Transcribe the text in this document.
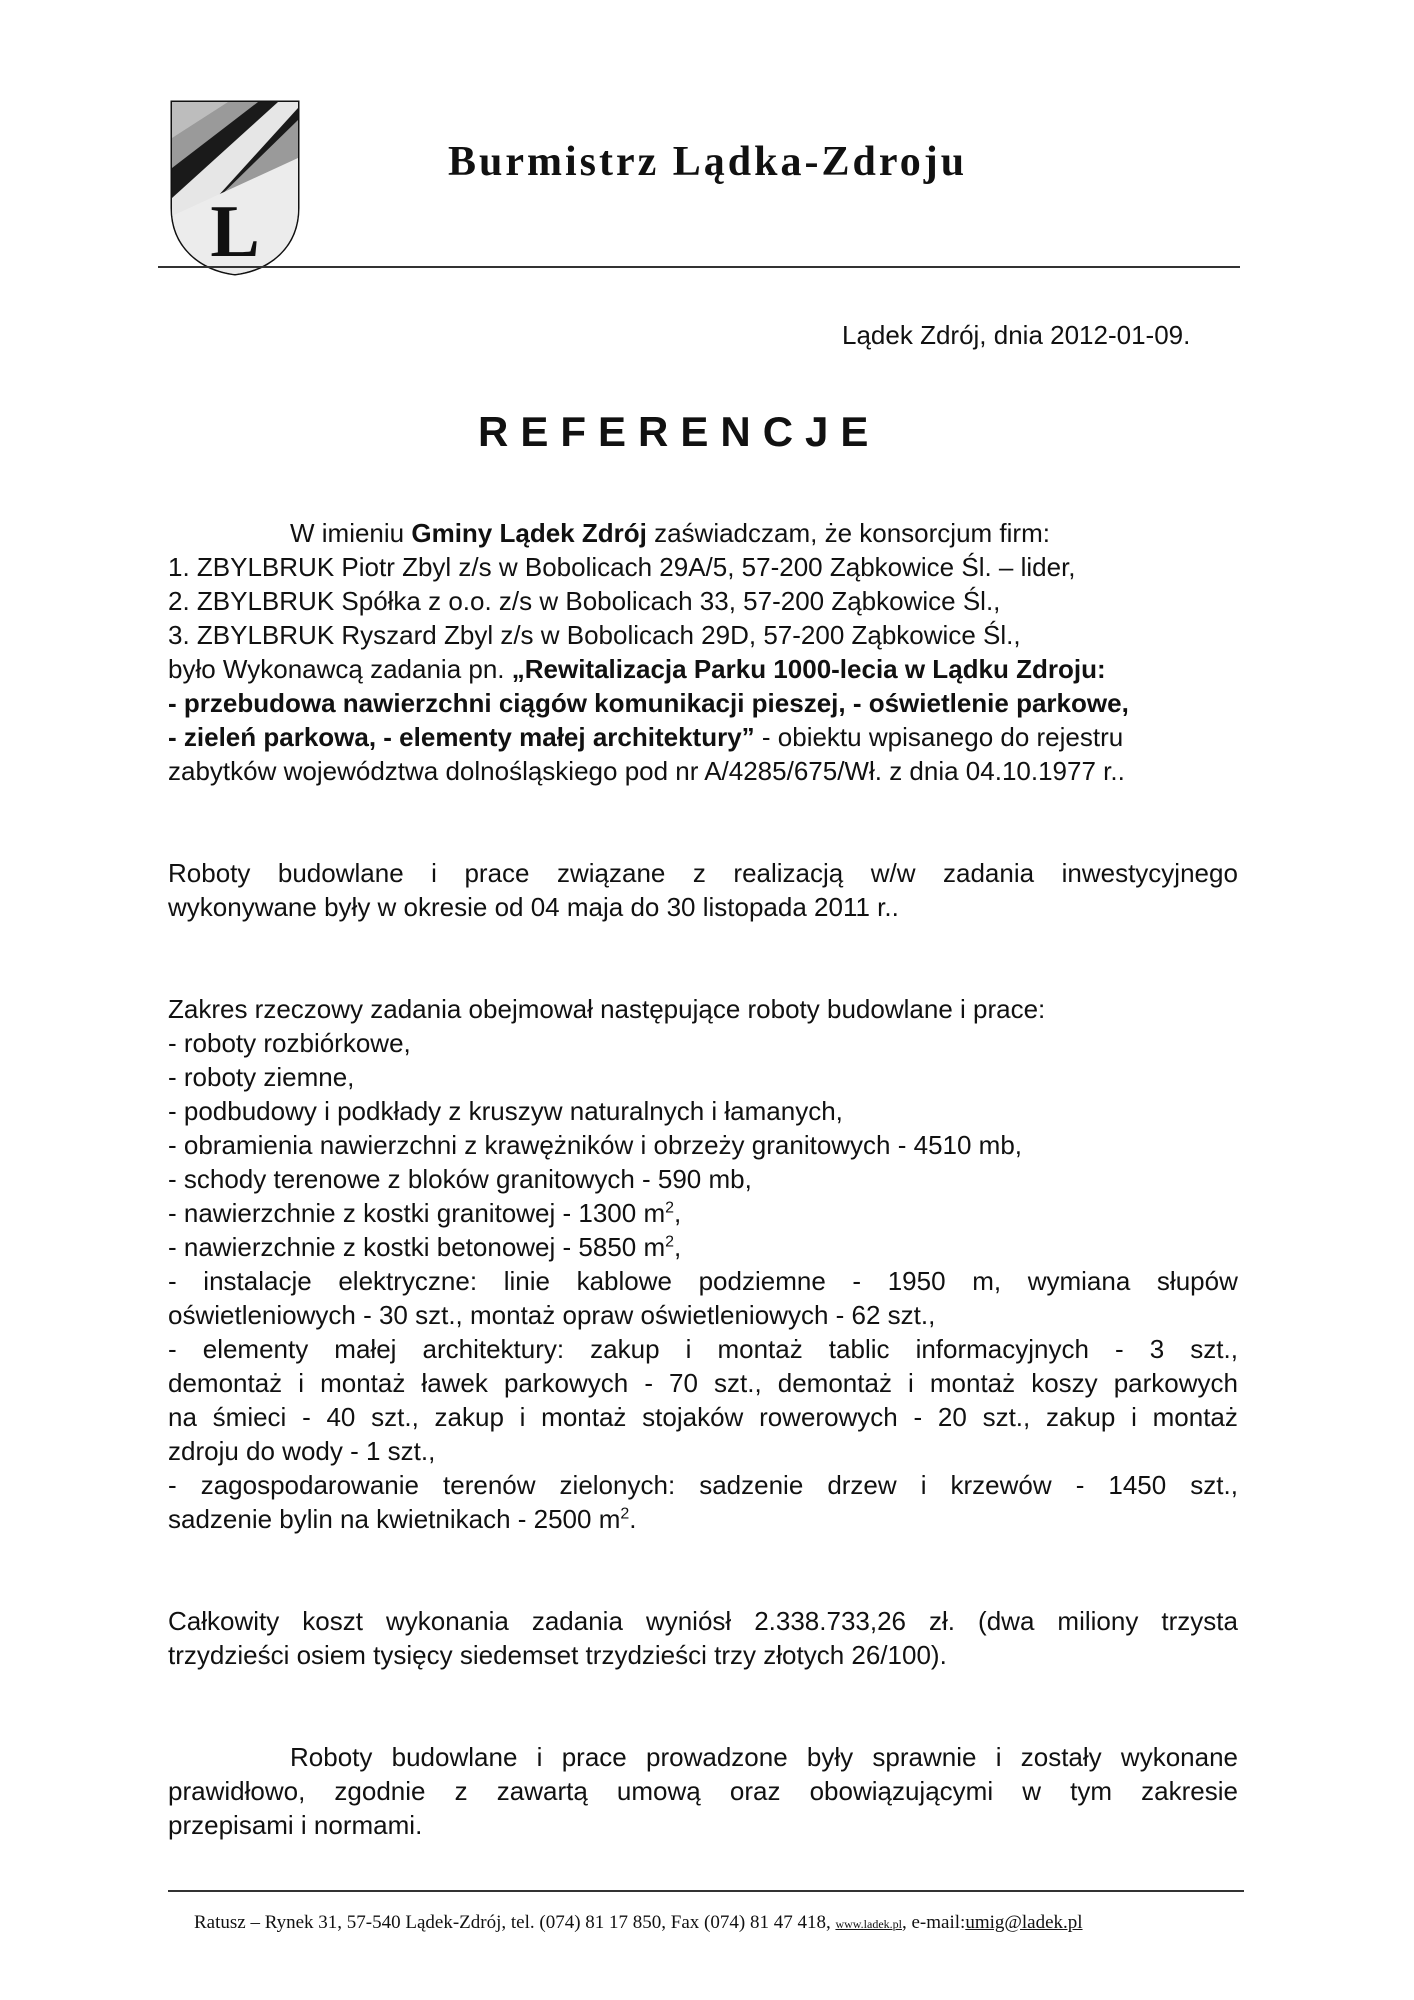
L
Burmistrz Lądka-Zdroju
Lądek Zdrój, dnia 2012-01-09.
REFERENCJE
W imieniu Gminy Lądek Zdrój zaświadczam, że konsorcjum firm:
1. ZBYLBRUK Piotr Zbyl z/s w Bobolicach 29A/5, 57-200 Ząbkowice Śl. – lider,
2. ZBYLBRUK Spółka z o.o. z/s w Bobolicach 33, 57-200 Ząbkowice Śl.,
3. ZBYLBRUK Ryszard Zbyl z/s w Bobolicach 29D, 57-200 Ząbkowice Śl.,
było Wykonawcą zadania pn. „Rewitalizacja Parku 1000-lecia w Lądku Zdroju:
- przebudowa nawierzchni ciągów komunikacji pieszej, - oświetlenie parkowe,
- zieleń parkowa, - elementy małej architektury” - obiektu wpisanego do rejestru
zabytków województwa dolnośląskiego pod nr A/4285/675/Wł. z dnia 04.10.1977 r..
Roboty budowlane i prace związane z realizacją w/w zadania inwestycyjnego
wykonywane były w okresie od 04 maja do 30 listopada 2011 r..
Zakres rzeczowy zadania obejmował następujące roboty budowlane i prace:
- roboty rozbiórkowe,
- roboty ziemne,
- podbudowy i podkłady z kruszyw naturalnych i łamanych,
- obramienia nawierzchni z krawężników i obrzeży granitowych - 4510 mb,
- schody terenowe z bloków granitowych - 590 mb,
- nawierzchnie z kostki granitowej - 1300 $m^2$,
- nawierzchnie z kostki betonowej - 5850 $m^2$,
- instalacje elektryczne: linie kablowe podziemne - 1950 m, wymiana słupów
oświetleniowych - 30 szt., montaż opraw oświetleniowych - 62 szt.,
- elementy małej architektury: zakup i montaż tablic informacyjnych - 3 szt.,
demontaż i montaż ławek parkowych - 70 szt., demontaż i montaż koszy parkowych
na śmieci - 40 szt., zakup i montaż stojaków rowerowych - 20 szt., zakup i montaż
zdroju do wody - 1 szt.,
- zagospodarowanie terenów zielonych: sadzenie drzew i krzewów - 1450 szt.,
sadzenie bylin na kwietnikach - 2500 $m^2$.
Całkowity koszt wykonania zadania wyniósł 2.338.733,26 zł. (dwa miliony trzysta
trzydzieści osiem tysięcy siedemset trzydzieści trzy złotych 26/100).
Roboty budowlane i prace prowadzone były sprawnie i zostały wykonane
prawidłowo, zgodnie z zawartą umową oraz obowiązującymi w tym zakresie
przepisami i normami.
Ratusz – Rynek 31, 57-540 Lądek-Zdrój, tel. (074) 81 17 850, Fax (074) 81 47 418, www.ladek.pl, e-mail:umig@ladek.pl
